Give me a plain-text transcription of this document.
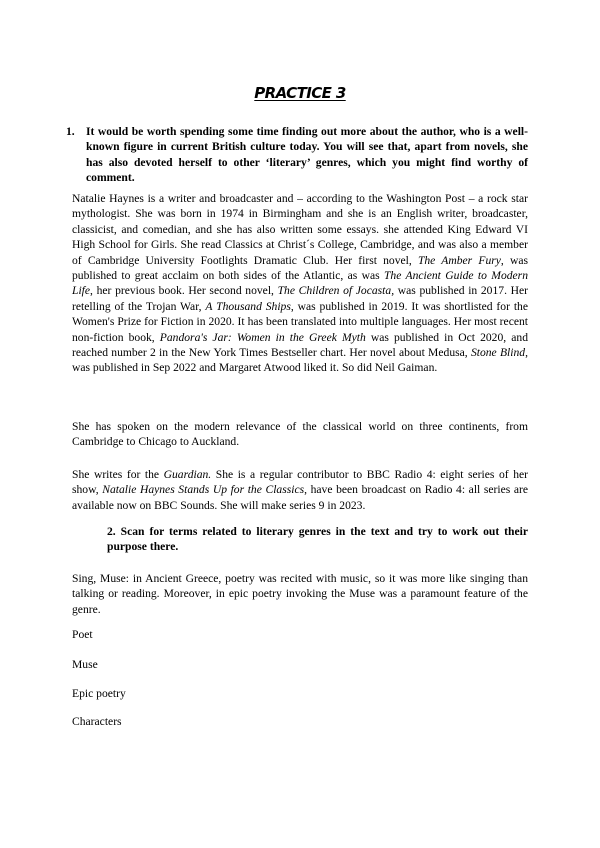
PRACTICE 3
1. It would be worth spending some time finding out more about the author, who is a well-known figure in current British culture today. You will see that, apart from novels, she has also devoted herself to other ‘literary’ genres, which you might find worthy of comment.
Natalie Haynes is a writer and broadcaster and – according to the Washington Post – a rock star mythologist. She was born in 1974 in Birmingham and she is an English writer, broadcaster, classicist, and comedian, and she has also written some essays. she attended King Edward VI High School for Girls. She read Classics at Christ´s College, Cambridge, and was also a member of Cambridge University Footlights Dramatic Club. Her first novel, The Amber Fury, was published to great acclaim on both sides of the Atlantic, as was The Ancient Guide to Modern Life, her previous book. Her second novel, The Children of Jocasta, was published in 2017. Her retelling of the Trojan War, A Thousand Ships, was published in 2019. It was shortlisted for the Women's Prize for Fiction in 2020. It has been translated into multiple languages. Her most recent non-fiction book, Pandora's Jar: Women in the Greek Myth was published in Oct 2020, and reached number 2 in the New York Times Bestseller chart. Her novel about Medusa, Stone Blind, was published in Sep 2022 and Margaret Atwood liked it. So did Neil Gaiman.
She has spoken on the modern relevance of the classical world on three continents, from Cambridge to Chicago to Auckland.
She writes for the Guardian. She is a regular contributor to BBC Radio 4: eight series of her show, Natalie Haynes Stands Up for the Classics, have been broadcast on Radio 4: all series are available now on BBC Sounds. She will make series 9 in 2023.
2. Scan for terms related to literary genres in the text and try to work out their purpose there.
Sing, Muse: in Ancient Greece, poetry was recited with music, so it was more like singing than talking or reading. Moreover, in epic poetry invoking the Muse was a paramount feature of the genre.
Poet
Muse
Epic poetry
Characters
